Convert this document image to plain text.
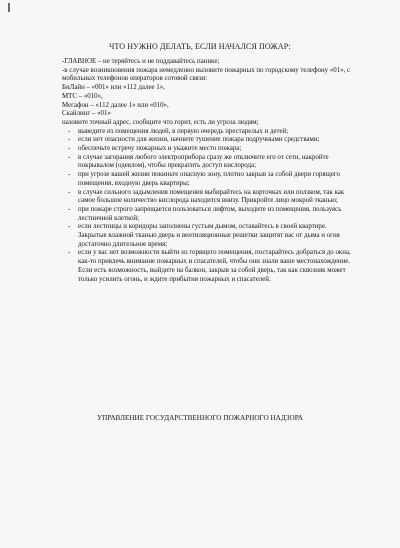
ЧТО НУЖНО ДЕЛАТЬ, ЕСЛИ НАЧАЛСЯ ПОЖАР:

-ГЛАВНОЕ – не теряйтесь и не поддавайтесь панике;

-в случае возникновения пожара немедленно вызовите пожарных по городскому телефону «01», с мобильных телефонов операторов сотовой связи:

БиЛайн – «001» или «112 далее 1»,

МТС – «010»,

Мегафон – «112 далее 1» или «010»,

Скайлинг – «01»

назовите точный адрес, сообщите что горит, есть ли угроза людям;

- выведите из помещения людей, в первую очередь престарелых и детей;
- если нет опасности для жизни, начните тушение пожара подручными средствами;
- обеспечьте встречу пожарных и укажите место пожара;
- в случае загорания любого электроприбора сразу же отключите его от сети, накройте покрывалом (одеялом), чтобы прекратить доступ кислорода;
- при угрозе вашей жизни покиньте опасную зону, плотно закрыв за собой двери горящего помещения, входную дверь квартиры;
- в случае сильного задымления помещения выбирайтесь на корточках или ползком, так как самое большое количество кислорода находится внизу. Прикройте лицо мокрой тканью;
- при пожаре строго запрещается пользоваться лифтом, выходите из помещения, пользуясь лестничной клеткой;
- если лестницы и коридоры заполнены густым дымом, оставайтесь в своей квартире. Закрытые влажной тканью дверь и вентиляционные решетки защитят вас от дыма и огня достаточно длительное время;
- если у вас нет возможности выйти из горящего помещения, постарайтесь добраться до окна, как-то привлечь внимание пожарных и спасателей, чтобы они знали ваше местонахождение. Если есть возможность, выйдите на балкон, закрыв за собой дверь, так как сквозняк может только усилить огонь, и ждите прибытия пожарных и спасателей.
УПРАВЛЕНИЕ ГОСУДАРСТВЕННОГО ПОЖАРНОГО НАДЗОРА
